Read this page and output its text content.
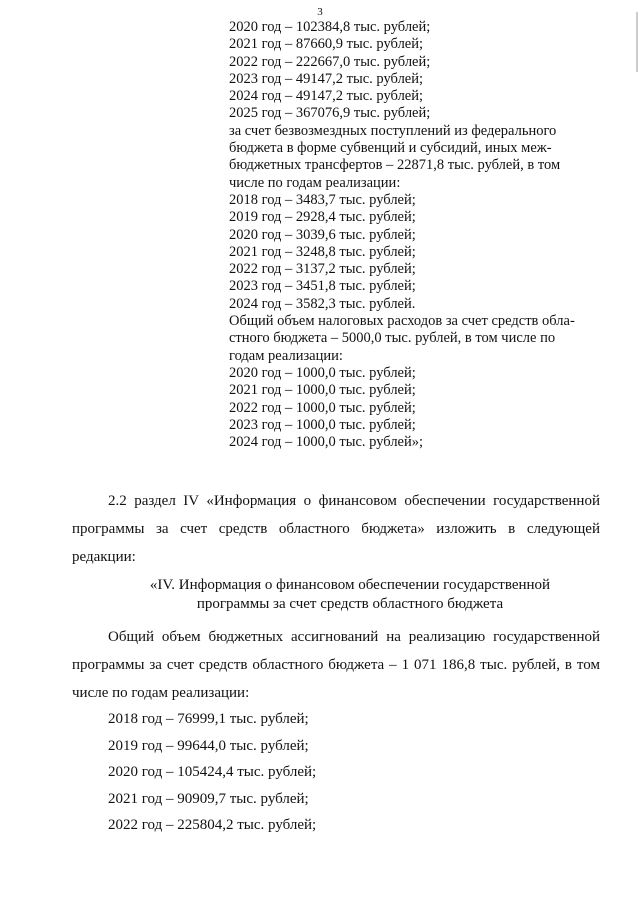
3
2020 год – 102384,8 тыс. рублей;
2021 год – 87660,9 тыс. рублей;
2022 год – 222667,0 тыс. рублей;
2023 год – 49147,2 тыс. рублей;
2024 год – 49147,2 тыс. рублей;
2025 год – 367076,9 тыс. рублей;
за счет безвозмездных поступлений из федерального
бюджета в форме субвенций и субсидий, иных меж-
бюджетных трансфертов – 22871,8 тыс. рублей, в том
числе по годам реализации:
2018 год – 3483,7 тыс. рублей;
2019 год – 2928,4 тыс. рублей;
2020 год – 3039,6 тыс. рублей;
2021 год – 3248,8 тыс. рублей;
2022 год – 3137,2 тыс. рублей;
2023 год – 3451,8 тыс. рублей;
2024 год – 3582,3 тыс. рублей.
Общий объем налоговых расходов за счет средств обла-
стного бюджета – 5000,0 тыс. рублей, в том числе по
годам реализации:
2020 год – 1000,0 тыс. рублей;
2021 год – 1000,0 тыс. рублей;
2022 год – 1000,0 тыс. рублей;
2023 год – 1000,0 тыс. рублей;
2024 год – 1000,0 тыс. рублей»;
2.2 раздел IV «Информация о финансовом обеспечении государственной программы за счет средств областного бюджета» изложить в следующей редакции:
«IV. Информация о финансовом обеспечении государственной
программы за счет средств областного бюджета
Общий объем бюджетных ассигнований на реализацию государственной программы за счет средств областного бюджета – 1 071 186,8 тыс. рублей, в том числе по годам реализации:
2018 год – 76999,1 тыс. рублей;
2019 год – 99644,0 тыс. рублей;
2020 год – 105424,4 тыс. рублей;
2021 год – 90909,7 тыс. рублей;
2022 год – 225804,2 тыс. рублей;
